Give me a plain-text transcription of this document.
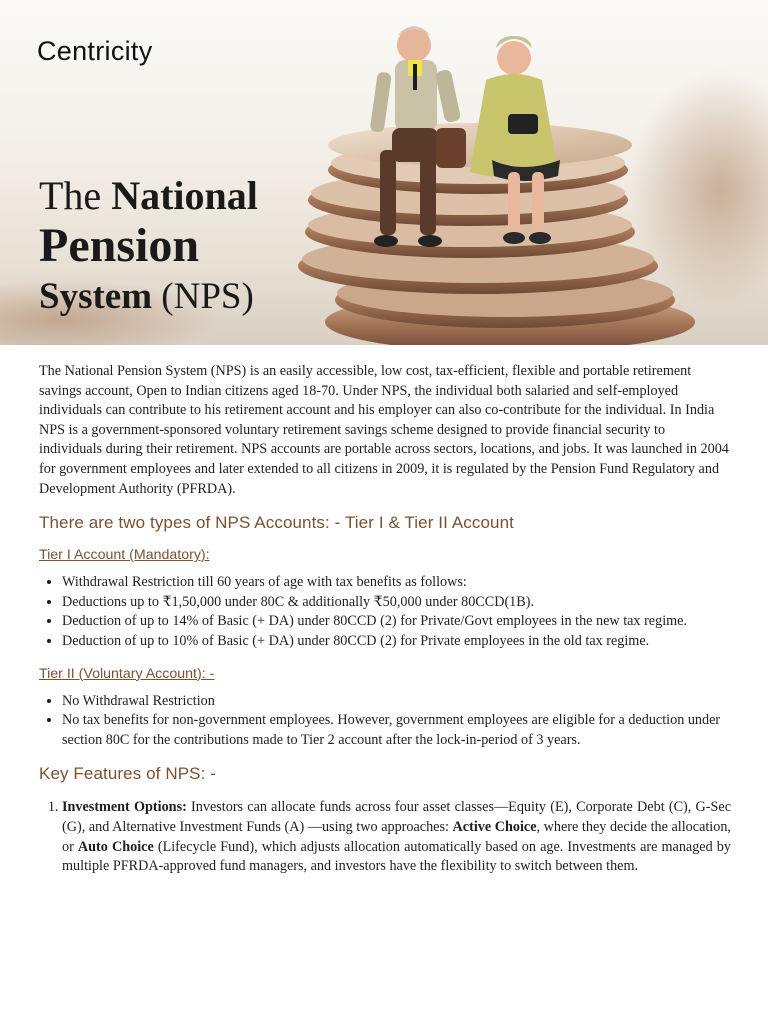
Centricity
The National
Pension
System (NPS)

The National Pension System (NPS) is an easily accessible, low cost, tax-efficient, flexible and portable retirement savings account, Open to Indian citizens aged 18-70. Under NPS, the individual both salaried and self-employed individuals can contribute to his retirement account and his employer can also co-contribute for the individual. In India NPS is a government-sponsored voluntary retirement savings scheme designed to provide financial security to individuals during their retirement. NPS accounts are portable across sectors, locations, and jobs. It was launched in 2004 for government employees and later extended to all citizens in 2009, it is regulated by the Pension Fund Regulatory and Development Authority (PFRDA).

There are two types of NPS Accounts: - Tier I & Tier II Account
Tier I Account (Mandatory):
• Withdrawal Restriction till 60 years of age with tax benefits as follows:
• Deductions up to ₹1,50,000 under 80C & additionally ₹50,000 under 80CCD(1B).
• Deduction of up to 14% of Basic (+ DA) under 80CCD (2) for Private/Govt employees in the new tax regime.
• Deduction of up to 10% of Basic (+ DA) under 80CCD (2) for Private employees in the old tax regime.
Tier II (Voluntary Account): -
• No Withdrawal Restriction
• No tax benefits for non-government employees. However, government employees are eligible for a deduction under section 80C for the contributions made to Tier 2 account after the lock-in-period of 3 years.
Key Features of NPS: -
1. Investment Options: Investors can allocate funds across four asset classes—Equity (E), Corporate Debt (C), G-Sec (G), and Alternative Investment Funds (A) —using two approaches: Active Choice, where they decide the allocation, or Auto Choice (Lifecycle Fund), which adjusts allocation automatically based on age. Investments are managed by multiple PFRDA-approved fund managers, and investors have the flexibility to switch between them.
